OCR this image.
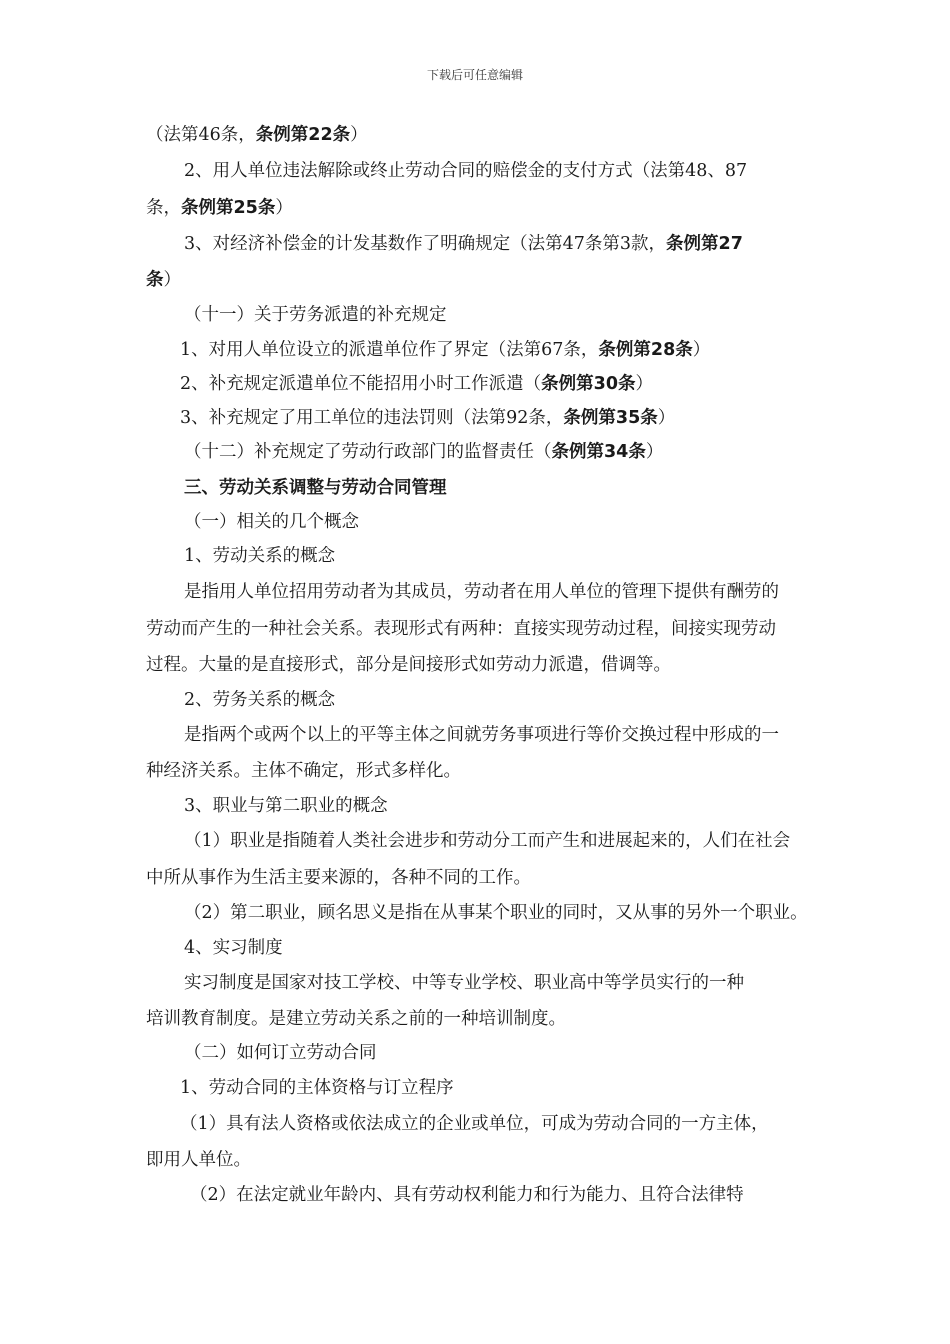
下载后可任意编辑
（法第46条，条例第22条）
2、用人单位违法解除或终止劳动合同的赔偿金的支付方式（法第48、87
条，条例第25条）
3、对经济补偿金的计发基数作了明确规定（法第47条第3款，条例第27
条）
（十一）关于劳务派遣的补充规定
1、对用人单位设立的派遣单位作了界定（法第67条，条例第28条）
2、补充规定派遣单位不能招用小时工作派遣（条例第30条）
3、补充规定了用工单位的违法罚则（法第92条，条例第35条）
（十二）补充规定了劳动行政部门的监督责任（条例第34条）
三、劳动关系调整与劳动合同管理
（一）相关的几个概念
1、劳动关系的概念
是指用人单位招用劳动者为其成员，劳动者在用人单位的管理下提供有酬劳的
劳动而产生的一种社会关系。表现形式有两种：直接实现劳动过程，间接实现劳动
过程。大量的是直接形式，部分是间接形式如劳动力派遣，借调等。
2、劳务关系的概念
是指两个或两个以上的平等主体之间就劳务事项进行等价交换过程中形成的一
种经济关系。主体不确定，形式多样化。
3、职业与第二职业的概念
（1）职业是指随着人类社会进步和劳动分工而产生和进展起来的，人们在社会
中所从事作为生活主要来源的，各种不同的工作。
（2）第二职业，顾名思义是指在从事某个职业的同时，又从事的另外一个职业。
4、实习制度
实习制度是国家对技工学校、中等专业学校、职业高中等学员实行的一种
培训教育制度。是建立劳动关系之前的一种培训制度。
（二）如何订立劳动合同
1、劳动合同的主体资格与订立程序
（1）具有法人资格或依法成立的企业或单位，可成为劳动合同的一方主体，
即用人单位。
（2）在法定就业年龄内、具有劳动权利能力和行为能力、且符合法律特
